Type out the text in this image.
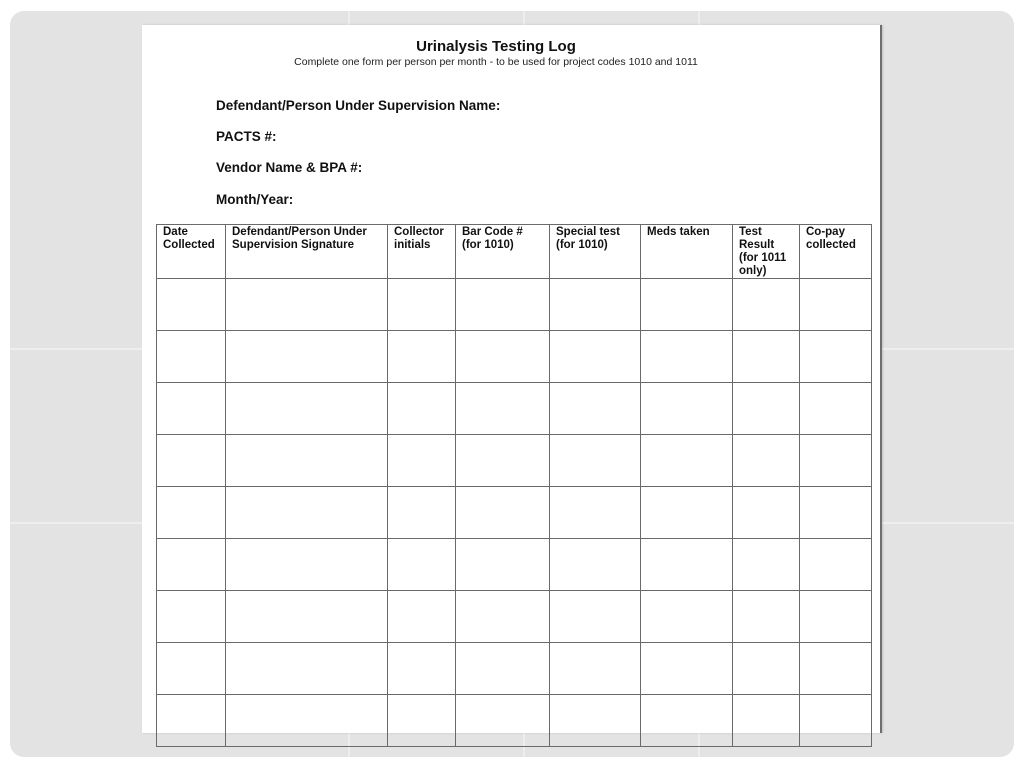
Urinalysis Testing Log
Complete one form per person per month - to be used for project codes 1010 and 1011
Defendant/Person Under Supervision Name:
PACTS #:
Vendor Name & BPA #:
Month/Year:
Date Collected	Defendant/Person Under Supervision Signature	Collector initials	Bar Code # (for 1010)	Special test (for 1010)	Meds taken	Test Result (for 1011 only)	Co-pay collected
